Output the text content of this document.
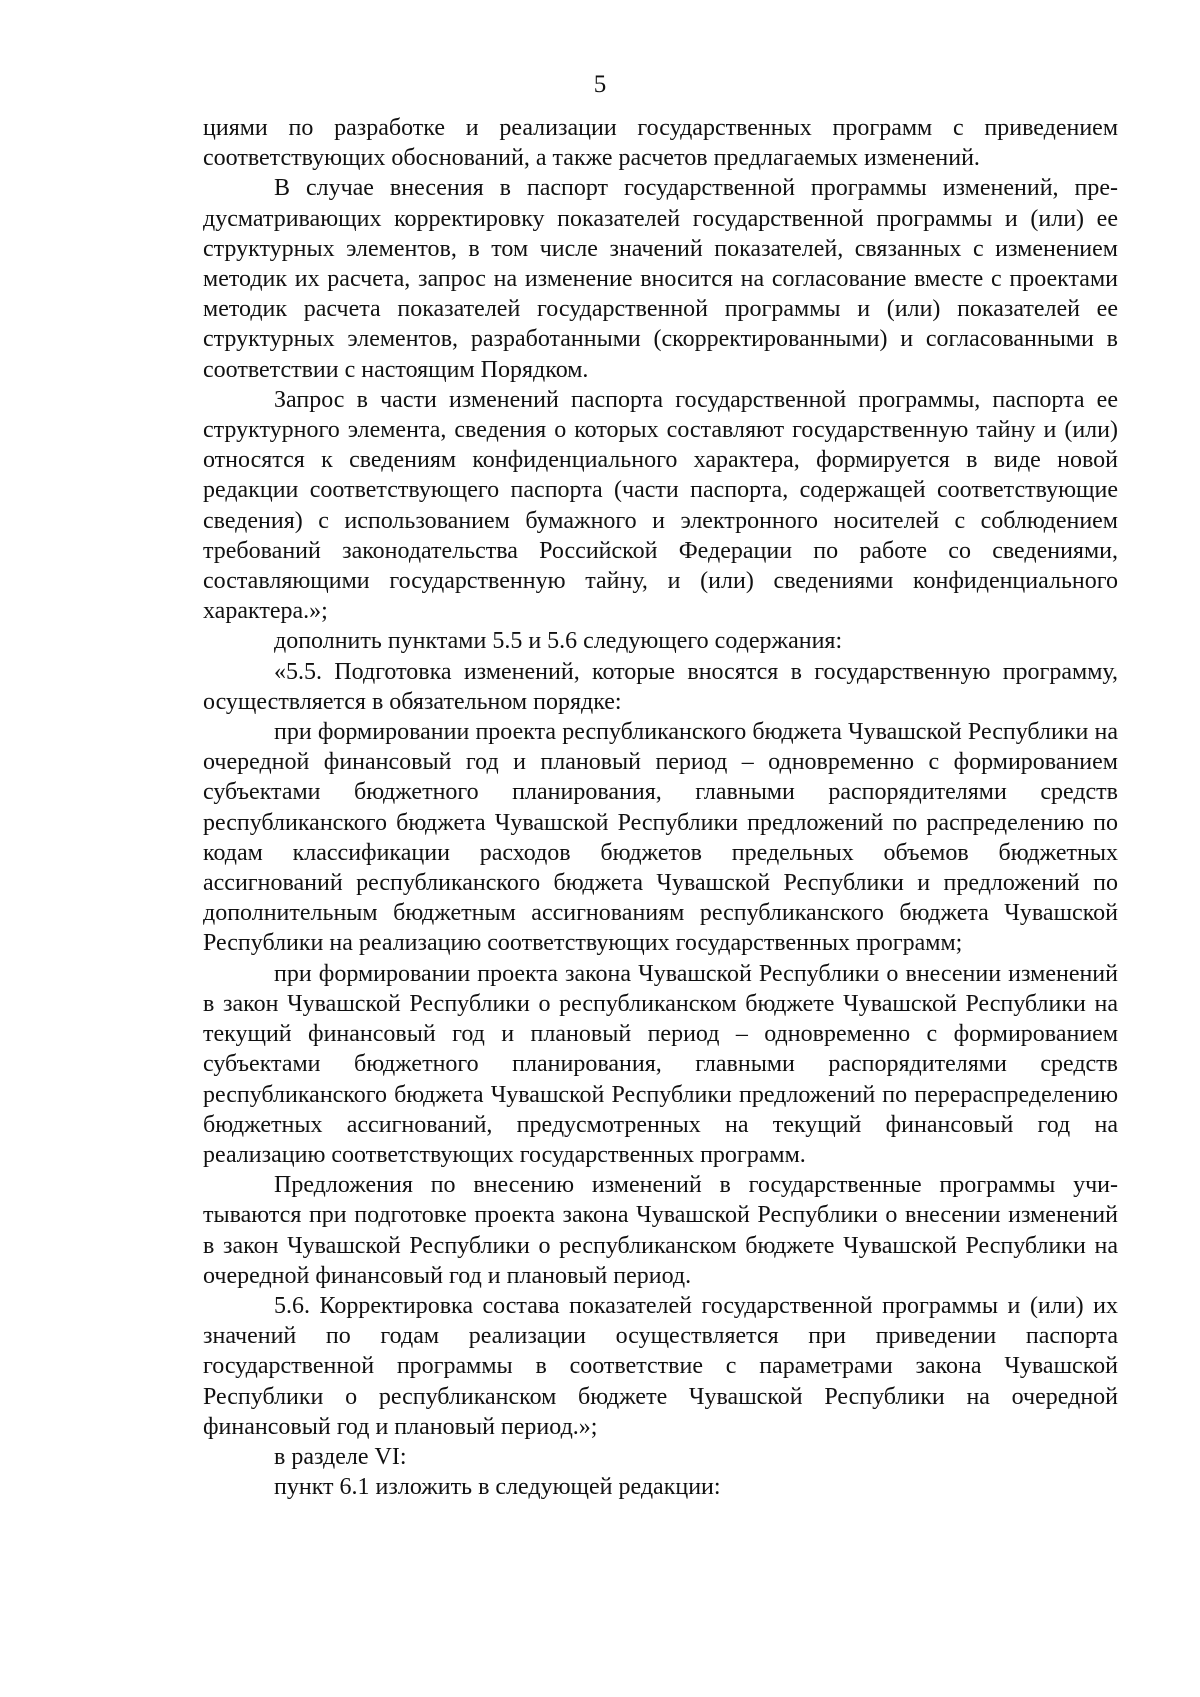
5

циями по разработке и реализации государственных программ с приведением соответствующих обоснований, а также расчетов предлагаемых изменений.

В случае внесения в паспорт государственной программы изменений, предусматривающих корректировку показателей государственной программы и (или) ее структурных элементов, в том числе значений показателей, связанных с изменением методик их расчета, запрос на изменение вносится на согласование вместе с проектами методик расчета показателей государственной программы и (или) показателей ее структурных элементов, разработанными (скорректированными) и согласованными в соответствии с настоящим Порядком.

Запрос в части изменений паспорта государственной программы, паспорта ее структурного элемента, сведения о которых составляют государственную тайну и (или) относятся к сведениям конфиденциального характера, формируется в виде новой редакции соответствующего паспорта (части паспорта, содержащей соответствующие сведения) с использованием бумажного и электронного носителей с соблюдением требований законодательства Российской Федерации по работе со сведениями, составляющими государственную тайну, и (или) сведениями конфиденциального характера.»;

дополнить пунктами 5.5 и 5.6 следующего содержания:

«5.5. Подготовка изменений, которые вносятся в государственную программу, осуществляется в обязательном порядке:

при формировании проекта республиканского бюджета Чувашской Республики на очередной финансовый год и плановый период – одновременно с формированием субъектами бюджетного планирования, главными распорядителями средств республиканского бюджета Чувашской Республики предложений по распределению по кодам классификации расходов бюджетов предельных объемов бюджетных ассигнований республиканского бюджета Чувашской Республики и предложений по дополнительным бюджетным ассигнованиям республиканского бюджета Чувашской Республики на реализацию соответствующих государственных программ;

при формировании проекта закона Чувашской Республики о внесении изменений в закон Чувашской Республики о республиканском бюджете Чувашской Республики на текущий финансовый год и плановый период – одновременно с формированием субъектами бюджетного планирования, главными распорядителями средств республиканского бюджета Чувашской Республики предложений по перераспределению бюджетных ассигнований, предусмотренных на текущий финансовый год на реализацию соответствующих государственных программ.

Предложения по внесению изменений в государственные программы учитываются при подготовке проекта закона Чувашской Республики о внесении изменений в закон Чувашской Республики о республиканском бюджете Чувашской Республики на очередной финансовый год и плановый период.

5.6. Корректировка состава показателей государственной программы и (или) их значений по годам реализации осуществляется при приведении паспорта государственной программы в соответствие с параметрами закона Чувашской Республики о республиканском бюджете Чувашской Республики на очередной финансовый год и плановый период.»;

в разделе VI:

пункт 6.1 изложить в следующей редакции:
